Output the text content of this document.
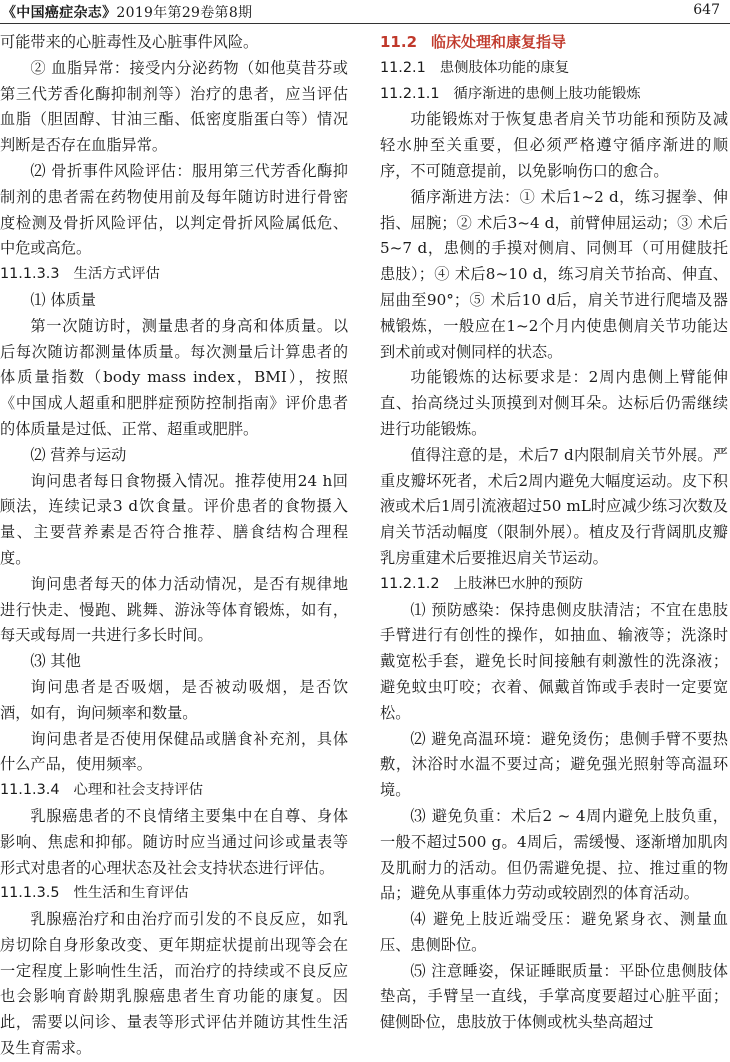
《中国癌症杂志》2019年第29卷第8期	647

可能带来的心脏毒性及心脏事件风险。

② 血脂异常：接受内分泌药物（如他莫昔芬或第三代芳香化酶抑制剂等）治疗的患者，应当评估血脂（胆固醇、甘油三酯、低密度脂蛋白等）情况判断是否存在血脂异常。

⑵ 骨折事件风险评估：服用第三代芳香化酶抑制剂的患者需在药物使用前及每年随访时进行骨密度检测及骨折风险评估，以判定骨折风险属低危、中危或高危。

11.1.3.3 生活方式评估

⑴ 体质量

第一次随访时，测量患者的身高和体质量。以后每次随访都测量体质量。每次测量后计算患者的体质量指数（body mass index，BMI），按照《中国成人超重和肥胖症预防控制指南》评价患者的体质量是过低、正常、超重或肥胖。

⑵ 营养与运动

询问患者每日食物摄入情况。推荐使用24 h回顾法，连续记录3 d饮食量。评价患者的食物摄入量、主要营养素是否符合推荐、膳食结构合理程度。

询问患者每天的体力活动情况，是否有规律地进行快走、慢跑、跳舞、游泳等体育锻炼，如有，每天或每周一共进行多长时间。

⑶ 其他

询问患者是否吸烟，是否被动吸烟，是否饮酒，如有，询问频率和数量。

询问患者是否使用保健品或膳食补充剂，具体什么产品，使用频率。

11.1.3.4 心理和社会支持评估

乳腺癌患者的不良情绪主要集中在自尊、身体影响、焦虑和抑郁。随访时应当通过问诊或量表等形式对患者的心理状态及社会支持状态进行评估。

11.1.3.5 性生活和生育评估

乳腺癌治疗和由治疗而引发的不良反应，如乳房切除自身形象改变、更年期症状提前出现等会在一定程度上影响性生活，而治疗的持续或不良反应也会影响育龄期乳腺癌患者生育功能的康复。因此，需要以问诊、量表等形式评估并随访其性生活及生育需求。

11.2 临床处理和康复指导

11.2.1 患侧肢体功能的康复

11.2.1.1 循序渐进的患侧上肢功能锻炼

功能锻炼对于恢复患者肩关节功能和预防及减轻水肿至关重要，但必须严格遵守循序渐进的顺序，不可随意提前，以免影响伤口的愈合。

循序渐进方法：① 术后1~2 d，练习握拳、伸指、屈腕；② 术后3~4 d，前臂伸屈运动；③ 术后5~7 d，患侧的手摸对侧肩、同侧耳（可用健肢托患肢）；④ 术后8~10 d，练习肩关节抬高、伸直、屈曲至90°；⑤ 术后10 d后，肩关节进行爬墙及器械锻炼，一般应在1~2个月内使患侧肩关节功能达到术前或对侧同样的状态。

功能锻炼的达标要求是：2周内患侧上臂能伸直、抬高绕过头顶摸到对侧耳朵。达标后仍需继续进行功能锻炼。

值得注意的是，术后7 d内限制肩关节外展。严重皮瓣坏死者，术后2周内避免大幅度运动。皮下积液或术后1周引流液超过50 mL时应减少练习次数及肩关节活动幅度（限制外展）。植皮及行背阔肌皮瓣乳房重建术后要推迟肩关节运动。

11.2.1.2 上肢淋巴水肿的预防

⑴ 预防感染：保持患侧皮肤清洁；不宜在患肢手臂进行有创性的操作，如抽血、输液等；洗涤时戴宽松手套，避免长时间接触有刺激性的洗涤液；避免蚊虫叮咬；衣着、佩戴首饰或手表时一定要宽松。

⑵ 避免高温环境：避免烫伤；患侧手臂不要热敷，沐浴时水温不要过高；避免强光照射等高温环境。

⑶ 避免负重：术后2 ~ 4周内避免上肢负重，一般不超过500 g。4周后，需缓慢、逐渐增加肌肉及肌耐力的活动。但仍需避免提、拉、推过重的物品；避免从事重体力劳动或较剧烈的体育活动。

⑷ 避免上肢近端受压：避免紧身衣、测量血压、患侧卧位。

⑸ 注意睡姿，保证睡眠质量：平卧位患侧肢体垫高，手臂呈一直线，手掌高度要超过心脏平面；健侧卧位，患肢放于体侧或枕头垫高超过
